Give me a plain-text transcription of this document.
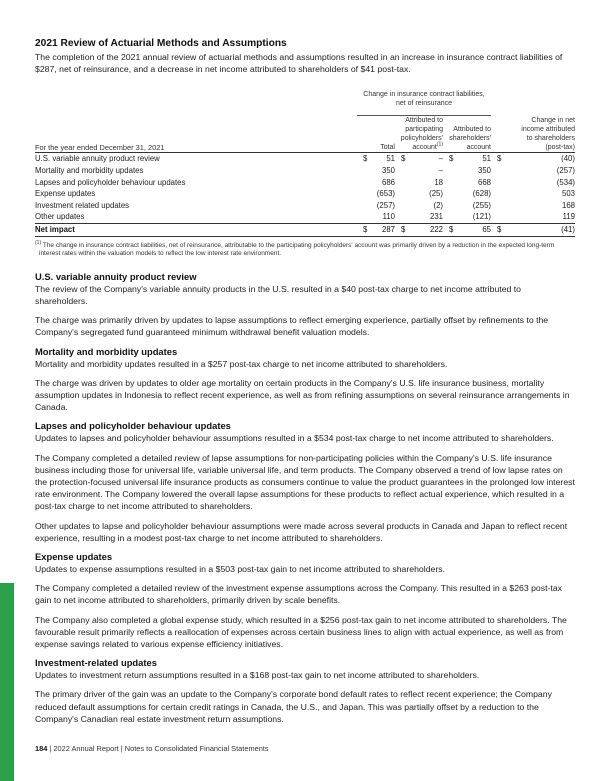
2021 Review of Actuarial Methods and Assumptions

The completion of the 2021 annual review of actuarial methods and assumptions resulted in an increase in insurance contract liabilities of $287, net of reinsurance, and a decrease in net income attributed to shareholders of $41 post-tax.

	Change in insurance contract liabilities,
net of reinsurance							

For the year ended December 31, 2021	Total		Attributed to
participating
policyholders'
account$^{(1)}$		Attributed to
shareholders'
account		Change in net
income attributed
to shareholders
(post-tax)	
U.S. variable annuity product review	$	51	$	–	$	51	$	(40)
Mortality and morbidity updates		350		–		350		(257)
Lapses and policyholder behaviour updates		686		18		668		(534)
Expense updates		(653)		(25)		(628)		503
Investment related updates		(257)		(2)		(255)		168
Other updates		110		231		(121)		119
Net impact	$	287	$	222	$	65	$	(41)
$^{(1)}$ The change in insurance contract liabilities, net of reinsurance, attributable to the participating policyholders' account was primarily driven by a reduction in the expected long-term interest rates within the valuation models to reflect the low interest rate environment.
U.S. variable annuity product review

The review of the Company's variable annuity products in the U.S. resulted in a $40 post-tax charge to net income attributed to shareholders.

The charge was primarily driven by updates to lapse assumptions to reflect emerging experience, partially offset by refinements to the Company's segregated fund guaranteed minimum withdrawal benefit valuation models.

Mortality and morbidity updates

Mortality and morbidity updates resulted in a $257 post-tax charge to net income attributed to shareholders.

The charge was driven by updates to older age mortality on certain products in the Company's U.S. life insurance business, mortality assumption updates in Indonesia to reflect recent experience, as well as from refining assumptions on several reinsurance arrangements in Canada.

Lapses and policyholder behaviour updates

Updates to lapses and policyholder behaviour assumptions resulted in a $534 post-tax charge to net income attributed to shareholders.

The Company completed a detailed review of lapse assumptions for non-participating policies within the Company's U.S. life insurance business including those for universal life, variable universal life, and term products. The Company observed a trend of low lapse rates on the protection-focused universal life insurance products as consumers continue to value the product guarantees in the prolonged low interest rate environment. The Company lowered the overall lapse assumptions for these products to reflect actual experience, which resulted in a post-tax charge to net income attributed to shareholders.

Other updates to lapse and policyholder behaviour assumptions were made across several products in Canada and Japan to reflect recent experience, resulting in a modest post-tax charge to net income attributed to shareholders.

Expense updates

Updates to expense assumptions resulted in a $503 post-tax gain to net income attributed to shareholders.

The Company completed a detailed review of the investment expense assumptions across the Company. This resulted in a $263 post-tax gain to net income attributed to shareholders, primarily driven by scale benefits.

The Company also completed a global expense study, which resulted in a $256 post-tax gain to net income attributed to shareholders. The favourable result primarily reflects a reallocation of expenses across certain business lines to align with actual experience, as well as from expense savings related to various expense efficiency initiatives.

Investment-related updates

Updates to investment return assumptions resulted in a $168 post-tax gain to net income attributed to shareholders.

The primary driver of the gain was an update to the Company's corporate bond default rates to reflect recent experience; the Company reduced default assumptions for certain credit ratings in Canada, the U.S., and Japan. This was partially offset by a reduction to the Company's Canadian real estate investment return assumptions.

184 | 2022 Annual Report | Notes to Consolidated Financial Statements
